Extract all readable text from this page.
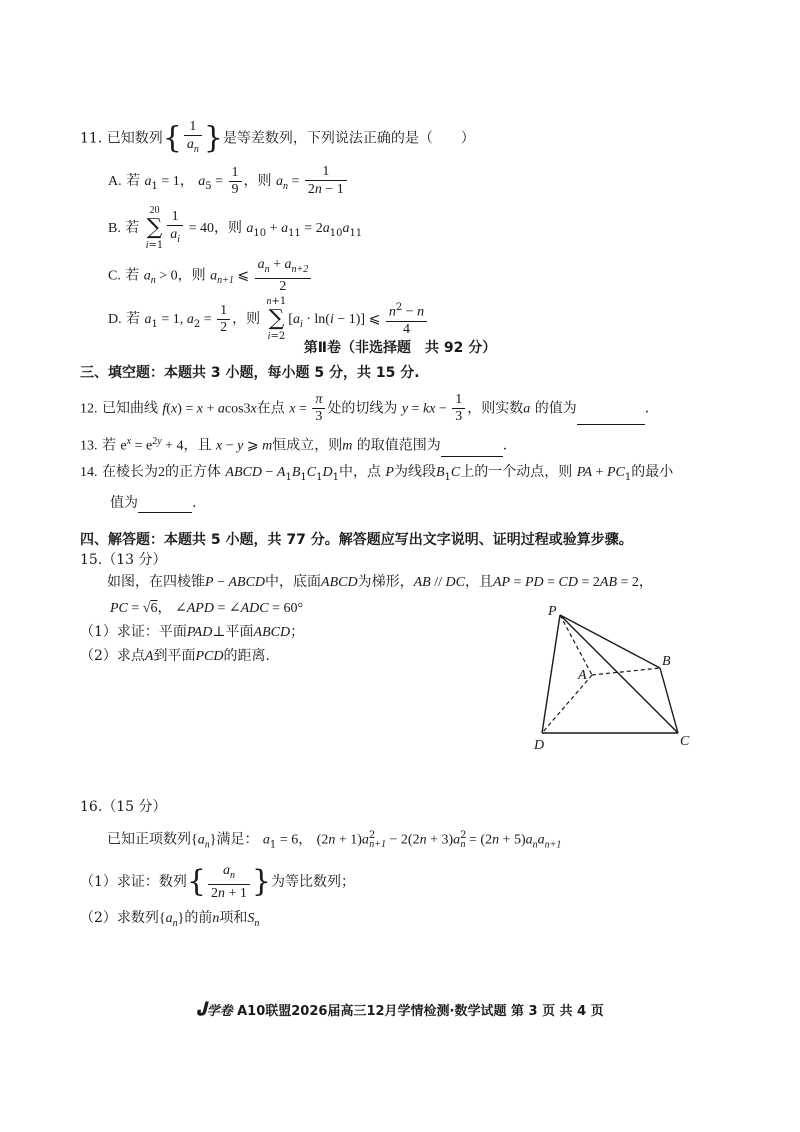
11. 已知数列{ $\frac{1}{a_n}$ }是等差数列，下列说法正确的是（　　 ）
A. 若 $a_1 = 1$， $a_5 = \frac{1}{9}$ ，则 $a_n = \frac{1}{2n - 1}$
B. 若
20
∑
$i=1 \frac{1}{a_i} = 40$，则 $a_{10} + a_{11} = 2a_{10}a_{11}$
C. 若 $a_n > 0$，则 $a_{n+1}$ ⩽ $\frac{a_n + a_{n+2}}{2}$
D. 若 $a_1 = 1$, $a_2 = \frac{1}{2}$ ，则
n+1
∑
i=2
$[a_i \cdot \ln(i - 1)]$ ⩽ $\frac{n^2 - n}{4}$
第Ⅱ卷（非选择题　共 92 分）
三、填空题：本题共 3 小题，每小题 5 分，共 15 分.
12. 已知曲线 f(x) = x + acos3x在点 $x = \frac{\pi}{3}$ 处的切线为 y = kx − $\frac{1}{3}$ ，则实数a 的值为	.
13. 若 $e^x = e^{2y} + 4$，且 x − y ⩾ m恒成立，则m 的取值范围为	.
14. 在棱长为2的正方体 ABCD − $A_1B_1C_1D_1$中，点 P为线段$B_1C$上的一个动点，则 PA + $PC_1$的最小
值为	.
四、解答题：本题共 5 小题，共 77 分。解答题应写出文字说明、证明过程或验算步骤。
15.（13 分）
如图，在四棱锥P − ABCD中，底面ABCD为梯形，AB // DC，且AP = PD = CD = 2AB = 2，
PC = √6， ∠APD = ∠ADC = 60°
（1）求证：平面PAD⊥平面ABCD；
（2）求点A到平面PCD的距离.
P
A
B
C
D
16.（15 分）
已知正项数列$\{a_n\}$满足： $a_1 = 6$， $(2n + 1)a^2_{n+1} - 2(2n + 3)a^2_n = (2n + 5)a_na_{n+1}$
（1）求证：数列{ $\frac{a_n}{2n + 1}$ }为等比数列；
（2）求数列$\{a_n\}$的前n项和$S_n$
𝐉学卷 A10联盟2026届高三12月学情检测·数学试题 第 3 页 共 4 页
